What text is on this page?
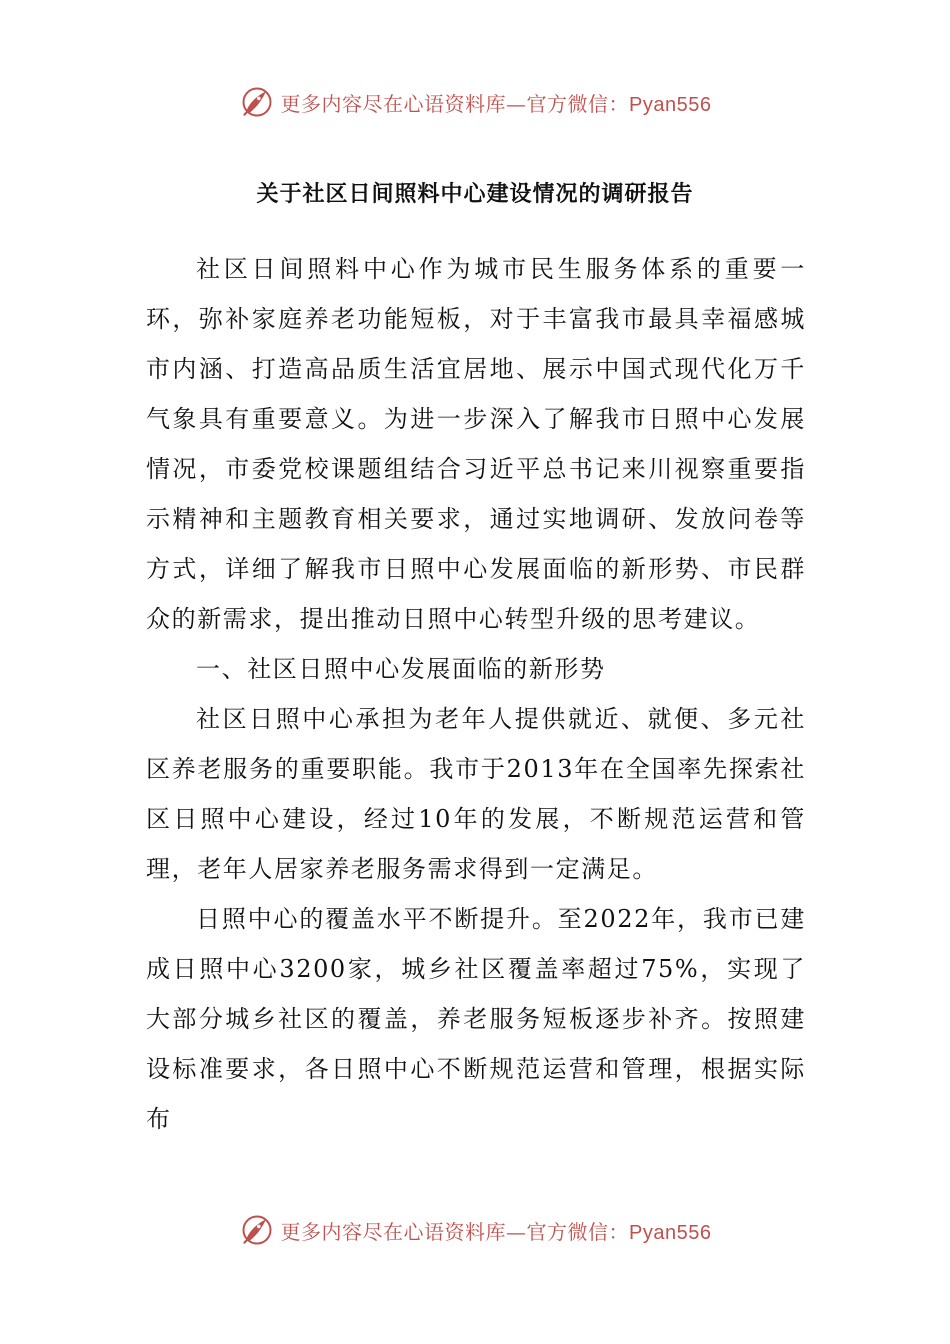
更多内容尽在心语资料库—官方微信：Pyan556
关于社区日间照料中心建设情况的调研报告

社区日间照料中心作为城市民生服务体系的重要一环，弥补家庭养老功能短板，对于丰富我市最具幸福感城市内涵、打造高品质生活宜居地、展示中国式现代化万千气象具有重要意义。为进一步深入了解我市日照中心发展情况，市委党校课题组结合习近平总书记来川视察重要指示精神和主题教育相关要求，通过实地调研、发放问卷等方式，详细了解我市日照中心发展面临的新形势、市民群众的新需求，提出推动日照中心转型升级的思考建议。

一、社区日照中心发展面临的新形势

社区日照中心承担为老年人提供就近、就便、多元社区养老服务的重要职能。我市于2013年在全国率先探索社区日照中心建设，经过10年的发展，不断规范运营和管理，老年人居家养老服务需求得到一定满足。

日照中心的覆盖水平不断提升。至2022年，我市已建成日照中心3200家，城乡社区覆盖率超过75%，实现了大部分城乡社区的覆盖，养老服务短板逐步补齐。按照建设标准要求，各日照中心不断规范运营和管理，根据实际布

更多内容尽在心语资料库—官方微信：Pyan556
